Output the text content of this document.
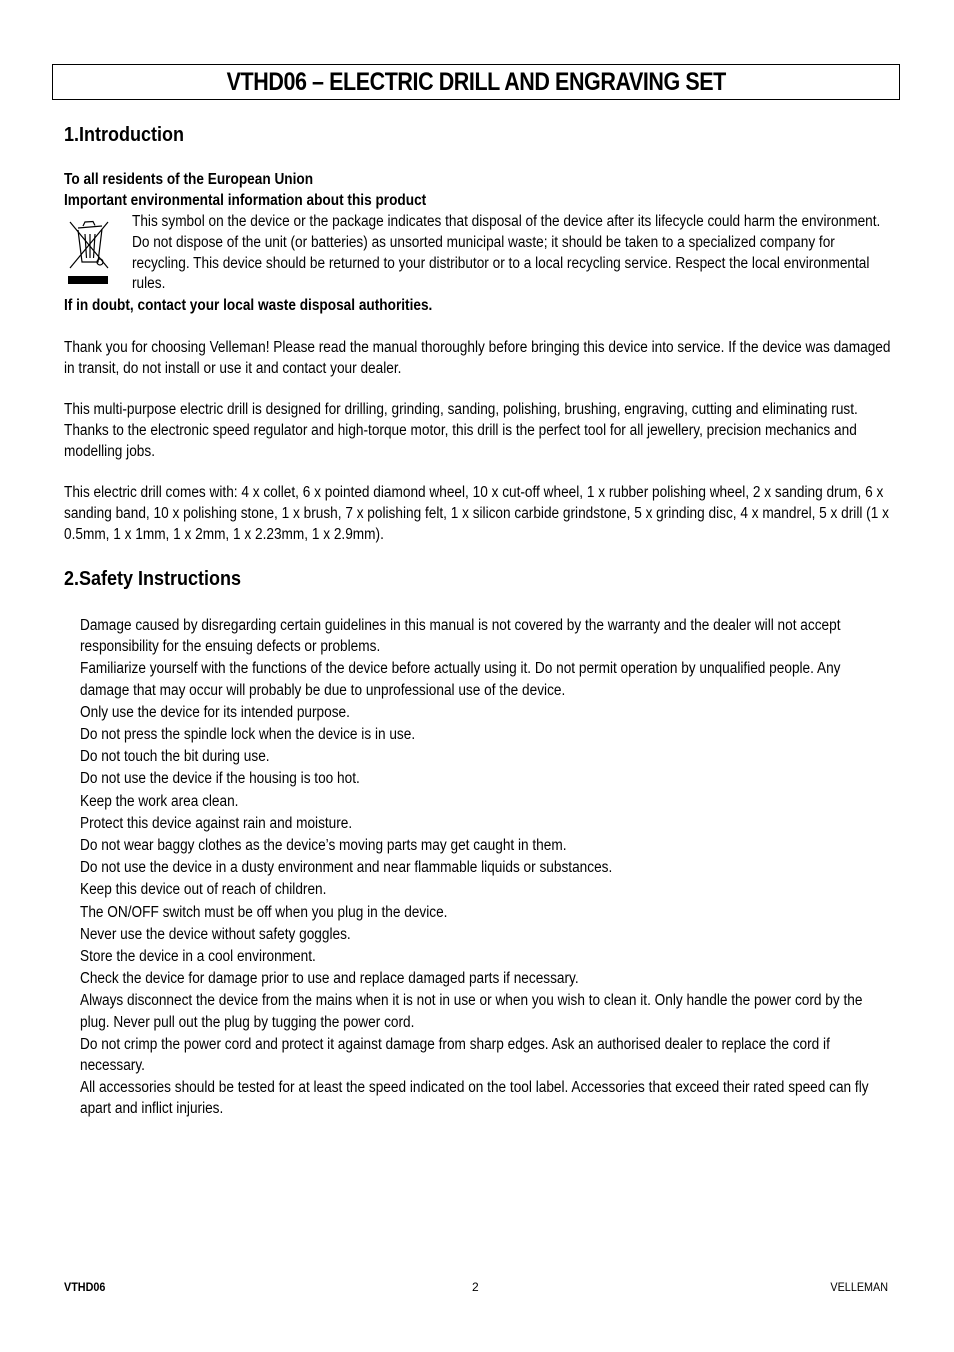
VTHD06 – ELECTRIC DRILL AND ENGRAVING SET
1.Introduction

To all residents of the European Union

Important environmental information about this product

This symbol on the device or the package indicates that disposal of the device after its lifecycle could harm the environment. Do not dispose of the unit (or batteries) as unsorted municipal waste; it should be taken to a specialized company for recycling. This device should be returned to your distributor or to a local recycling service. Respect the local environmental rules.

If in doubt, contact your local waste disposal authorities.

Thank you for choosing Velleman! Please read the manual thoroughly before bringing this device into service. If the device was damaged in transit, do not install or use it and contact your dealer.

This multi-purpose electric drill is designed for drilling, grinding, sanding, polishing, brushing, engraving, cutting and eliminating rust. Thanks to the electronic speed regulator and high-torque motor, this drill is the perfect tool for all jewellery, precision mechanics and modelling jobs.

This electric drill comes with: 4 x collet, 6 x pointed diamond wheel, 10 x cut-off wheel, 1 x rubber polishing wheel, 2 x sanding drum, 6 x sanding band, 10 x polishing stone, 1 x brush, 7 x polishing felt, 1 x silicon carbide grindstone, 5 x grinding disc, 4 x mandrel, 5 x drill (1 x 0.5mm, 1 x 1mm, 1 x 2mm, 1 x 2.23mm, 1 x 2.9mm).

2.Safety Instructions
Damage caused by disregarding certain guidelines in this manual is not covered by the warranty and the dealer will not accept responsibility for the ensuing defects or problems.
Familiarize yourself with the functions of the device before actually using it. Do not permit operation by unqualified people. Any damage that may occur will probably be due to unprofessional use of the device.
Only use the device for its intended purpose.
Do not press the spindle lock when the device is in use.
Do not touch the bit during use.
Do not use the device if the housing is too hot.
Keep the work area clean.
Protect this device against rain and moisture.
Do not wear baggy clothes as the device’s moving parts may get caught in them.
Do not use the device in a dusty environment and near flammable liquids or substances.
Keep this device out of reach of children.
The ON/OFF switch must be off when you plug in the device.
Never use the device without safety goggles.
Store the device in a cool environment.
Check the device for damage prior to use and replace damaged parts if necessary.
Always disconnect the device from the mains when it is not in use or when you wish to clean it. Only handle the power cord by the plug. Never pull out the plug by tugging the power cord.
Do not crimp the power cord and protect it against damage from sharp edges. Ask an authorised dealer to replace the cord if necessary.
All accessories should be tested for at least the speed indicated on the tool label. Accessories that exceed their rated speed can fly apart and inflict injuries.
VTHD06	2	VELLEMAN
